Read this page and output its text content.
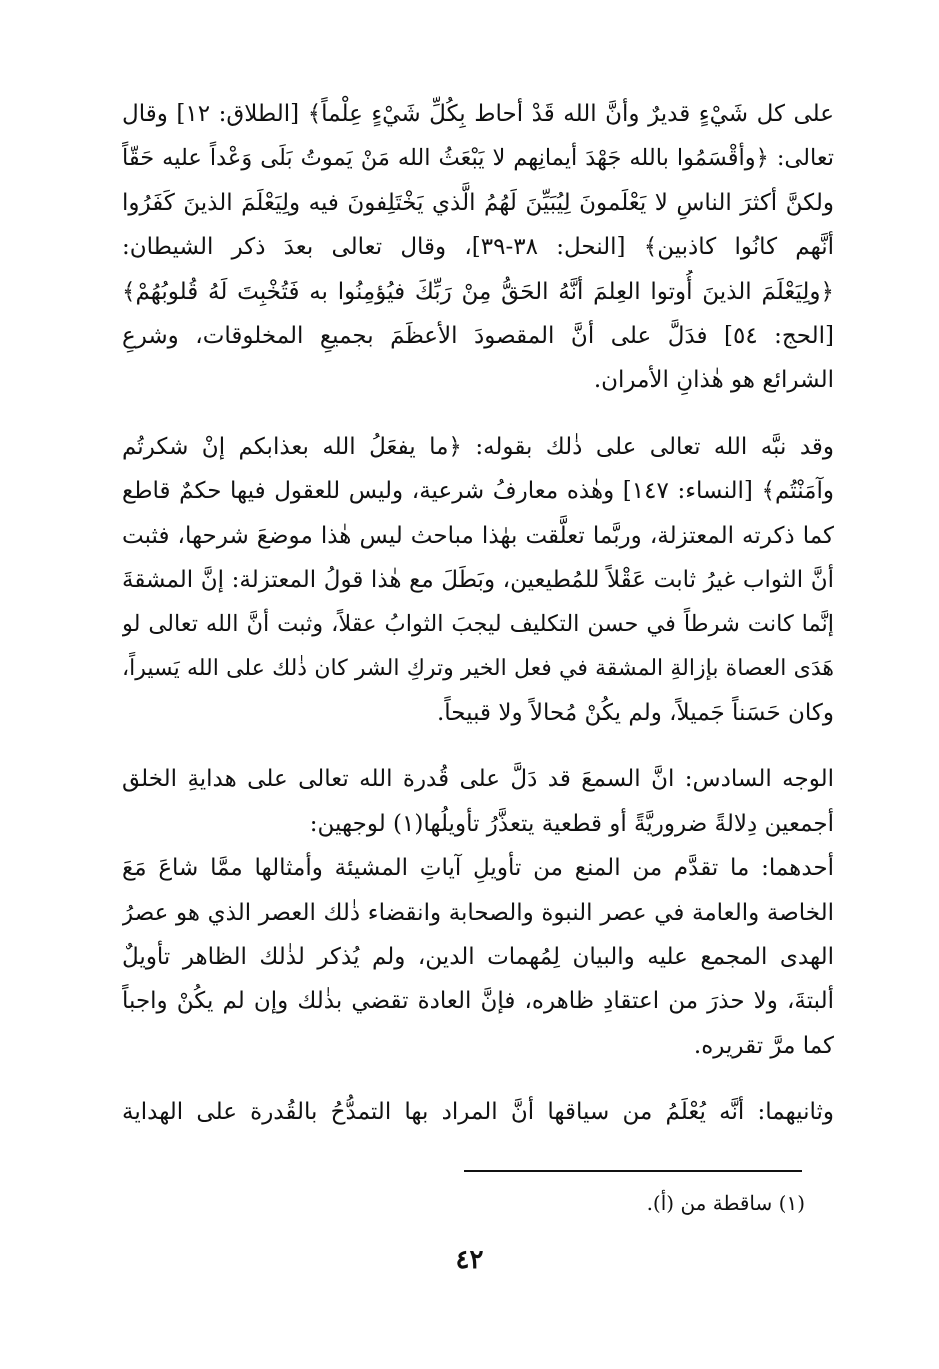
على كل شَيْءٍ قديرٌ وأنَّ الله قَدْ أحاط بِكُلِّ شَيْءٍ عِلْماً﴾ [الطلاق: ١٢] وقال
تعالى: ﴿وأقْسَمُوا بالله جَهْدَ أيمانِهم لا يَبْعَثُ الله مَنْ يَموتُ بَلَى وَعْداً عليه حَقّاً
ولكنَّ أكثرَ الناسِ لا يَعْلَمونَ لِيُبَيِّنَ لَهُمُ الَّذي يَخْتَلِفونَ فيه ولِيَعْلَمَ الذينَ كَفَرُوا
أنَّهم كانُوا كاذبين﴾ [النحل: ٣٨-٣٩]، وقال تعالى بعدَ ذكر الشيطان:
﴿ولِيَعْلَمَ الذينَ أُوتوا العِلمَ أنَّهُ الحَقُّ مِنْ رَبِّكَ فيُؤمِنُوا به فَتُخْبِتَ لَهُ قُلوبُهُمْ﴾
[الحج: ٥٤] فدَلَّ على أنَّ المقصودَ الأعظَمَ بجميعِ المخلوقات، وشرعِ
الشرائع هو هٰذانِ الأمران.
وقد نبَّه الله تعالى على ذٰلك بقوله: ﴿ما يفعَلُ الله بعذابكم إنْ شكرتُم
وآمَنْتُم﴾ [النساء: ١٤٧] وهٰذه معارفُ شرعية، وليس للعقول فيها حكمٌ قاطع
كما ذكرته المعتزلة، وربَّما تعلَّقت بهٰذا مباحث ليس هٰذا موضعَ شرحها، فثبت
أنَّ الثواب غيرُ ثابت عَقْلاً للمُطيعين، وبَطَلَ مع هٰذا قولُ المعتزلة: إنَّ المشقةَ
إنَّما كانت شرطاً في حسن التكليف ليجبَ الثوابُ عقلاً، وثبت أنَّ الله تعالى لو
هَدَى العصاة بإزالةِ المشقة في فعل الخير وتركِ الشر كان ذٰلك على الله يَسيراً،
وكان حَسَناً جَميلاً، ولم يكُنْ مُحالاً ولا قبيحاً.
الوجه السادس: انَّ السمعَ قد دَلَّ على قُدرة الله تعالى على هدايةِ الخلق
أجمعين دِلالةً ضروريَّةً أو قطعية يتعذَّرُ تأويلُها(١) لوجهين:
أحدهما: ما تقدَّم من المنع من تأويلِ آياتِ المشيئة وأمثالها ممَّا شاعَ مَعَ
الخاصة والعامة في عصر النبوة والصحابة وانقضاء ذٰلك العصر الذي هو عصرُ
الهدى المجمع عليه والبيان لِمُهمات الدين، ولم يُذكر لذٰلك الظاهر تأويلٌ
ألبتةَ، ولا حذرَ من اعتقادِ ظاهره، فإنَّ العادة تقضي بذٰلك وإن لم يكُنْ واجباً
كما مرَّ تقريره.
وثانيهما: أنَّه يُعْلَمُ من سياقها أنَّ المراد بها التمدُّحُ بالقُدرة على الهداية
(١) ساقطة من (أ).
٤٢
